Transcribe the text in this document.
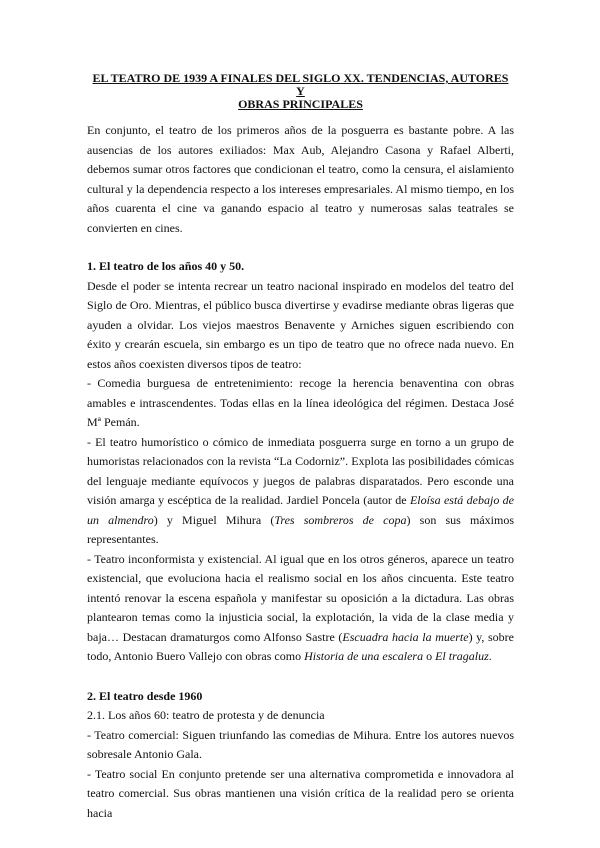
EL TEATRO DE 1939 A FINALES DEL SIGLO XX. TENDENCIAS, AUTORES Y
OBRAS PRINCIPALES

En conjunto, el teatro de los primeros años de la posguerra es bastante pobre. A las ausencias de los autores exiliados: Max Aub, Alejandro Casona y Rafael Alberti, debemos sumar otros factores que condicionan el teatro, como la censura, el aislamiento cultural y la dependencia respecto a los intereses empresariales. Al mismo tiempo, en los años cuarenta el cine va ganando espacio al teatro y numerosas salas teatrales se convierten en cines.

1. El teatro de los años 40 y 50.

Desde el poder se intenta recrear un teatro nacional inspirado en modelos del teatro del Siglo de Oro. Mientras, el público busca divertirse y evadirse mediante obras ligeras que ayuden a olvidar. Los viejos maestros Benavente y Arniches siguen escribiendo con éxito y crearán escuela, sin embargo es un tipo de teatro que no ofrece nada nuevo. En estos años coexisten diversos tipos de teatro:

- Comedia burguesa de entretenimiento: recoge la herencia benaventina con obras amables e intrascendentes. Todas ellas en la línea ideológica del régimen. Destaca José Mª Pemán.

- El teatro humorístico o cómico de inmediata posguerra surge en torno a un grupo de humoristas relacionados con la revista “La Codorniz”. Explota las posibilidades cómicas del lenguaje mediante equívocos y juegos de palabras disparatados. Pero esconde una visión amarga y escéptica de la realidad. Jardiel Poncela (autor de Eloísa está debajo de un almendro) y Miguel Mihura (Tres sombreros de copa) son sus máximos representantes.

- Teatro inconformista y existencial. Al igual que en los otros géneros, aparece un teatro existencial, que evoluciona hacia el realismo social en los años cincuenta. Este teatro intentó renovar la escena española y manifestar su oposición a la dictadura. Las obras plantearon temas como la injusticia social, la explotación, la vida de la clase media y baja… Destacan dramaturgos como Alfonso Sastre (Escuadra hacia la muerte) y, sobre todo, Antonio Buero Vallejo con obras como Historia de una escalera o El tragaluz.

2. El teatro desde 1960

2.1. Los años 60: teatro de protesta y de denuncia

- Teatro comercial: Siguen triunfando las comedias de Mihura. Entre los autores nuevos sobresale Antonio Gala.

- Teatro social En conjunto pretende ser una alternativa comprometida e innovadora al teatro comercial. Sus obras mantienen una visión crítica de la realidad pero se orienta hacia
